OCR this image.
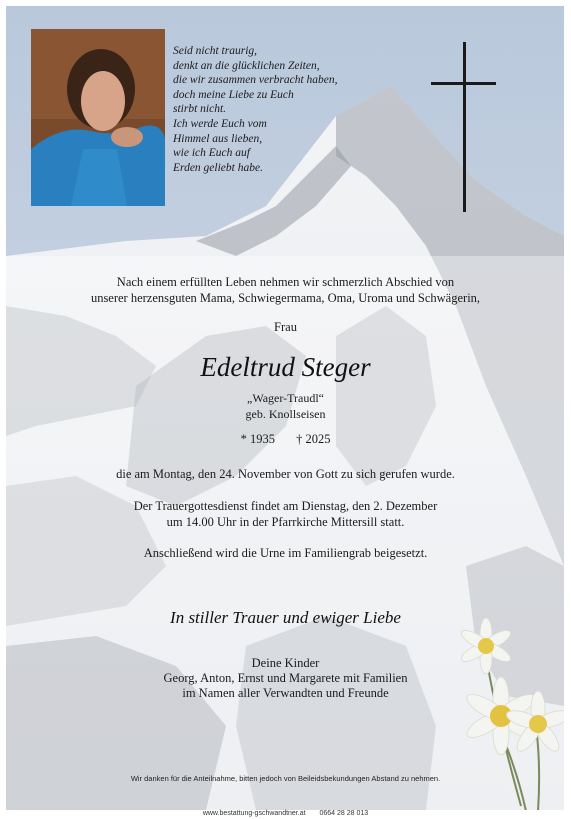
Seid nicht traurig,
denkt an die glücklichen Zeiten,
die wir zusammen verbracht haben,
doch meine Liebe zu Euch
stirbt nicht.
Ich werde Euch vom
Himmel aus lieben,
wie ich Euch auf
Erden geliebt habe.
Nach einem erfüllten Leben nehmen wir schmerzlich Abschied von
unserer herzensguten Mama, Schwiegermama, Oma, Uroma und Schwägerin,
Frau
Edeltrud Steger
„Wager-Traudl“
geb. Knollseisen
* 1935 † 2025
die am Montag, den 24. November von Gott zu sich gerufen wurde.
Der Trauergottesdienst findet am Dienstag, den 2. Dezember
um 14.00 Uhr in der Pfarrkirche Mittersill statt.
Anschließend wird die Urne im Familiengrab beigesetzt.
In stiller Trauer und ewiger Liebe
Deine Kinder
Georg, Anton, Ernst und Margarete mit Familien
im Namen aller Verwandten und Freunde
Wir danken für die Anteilnahme, bitten jedoch von Beileidsbekundungen Abstand zu nehmen.
www.bestattung-gschwandtner.at 0664 28 28 013
